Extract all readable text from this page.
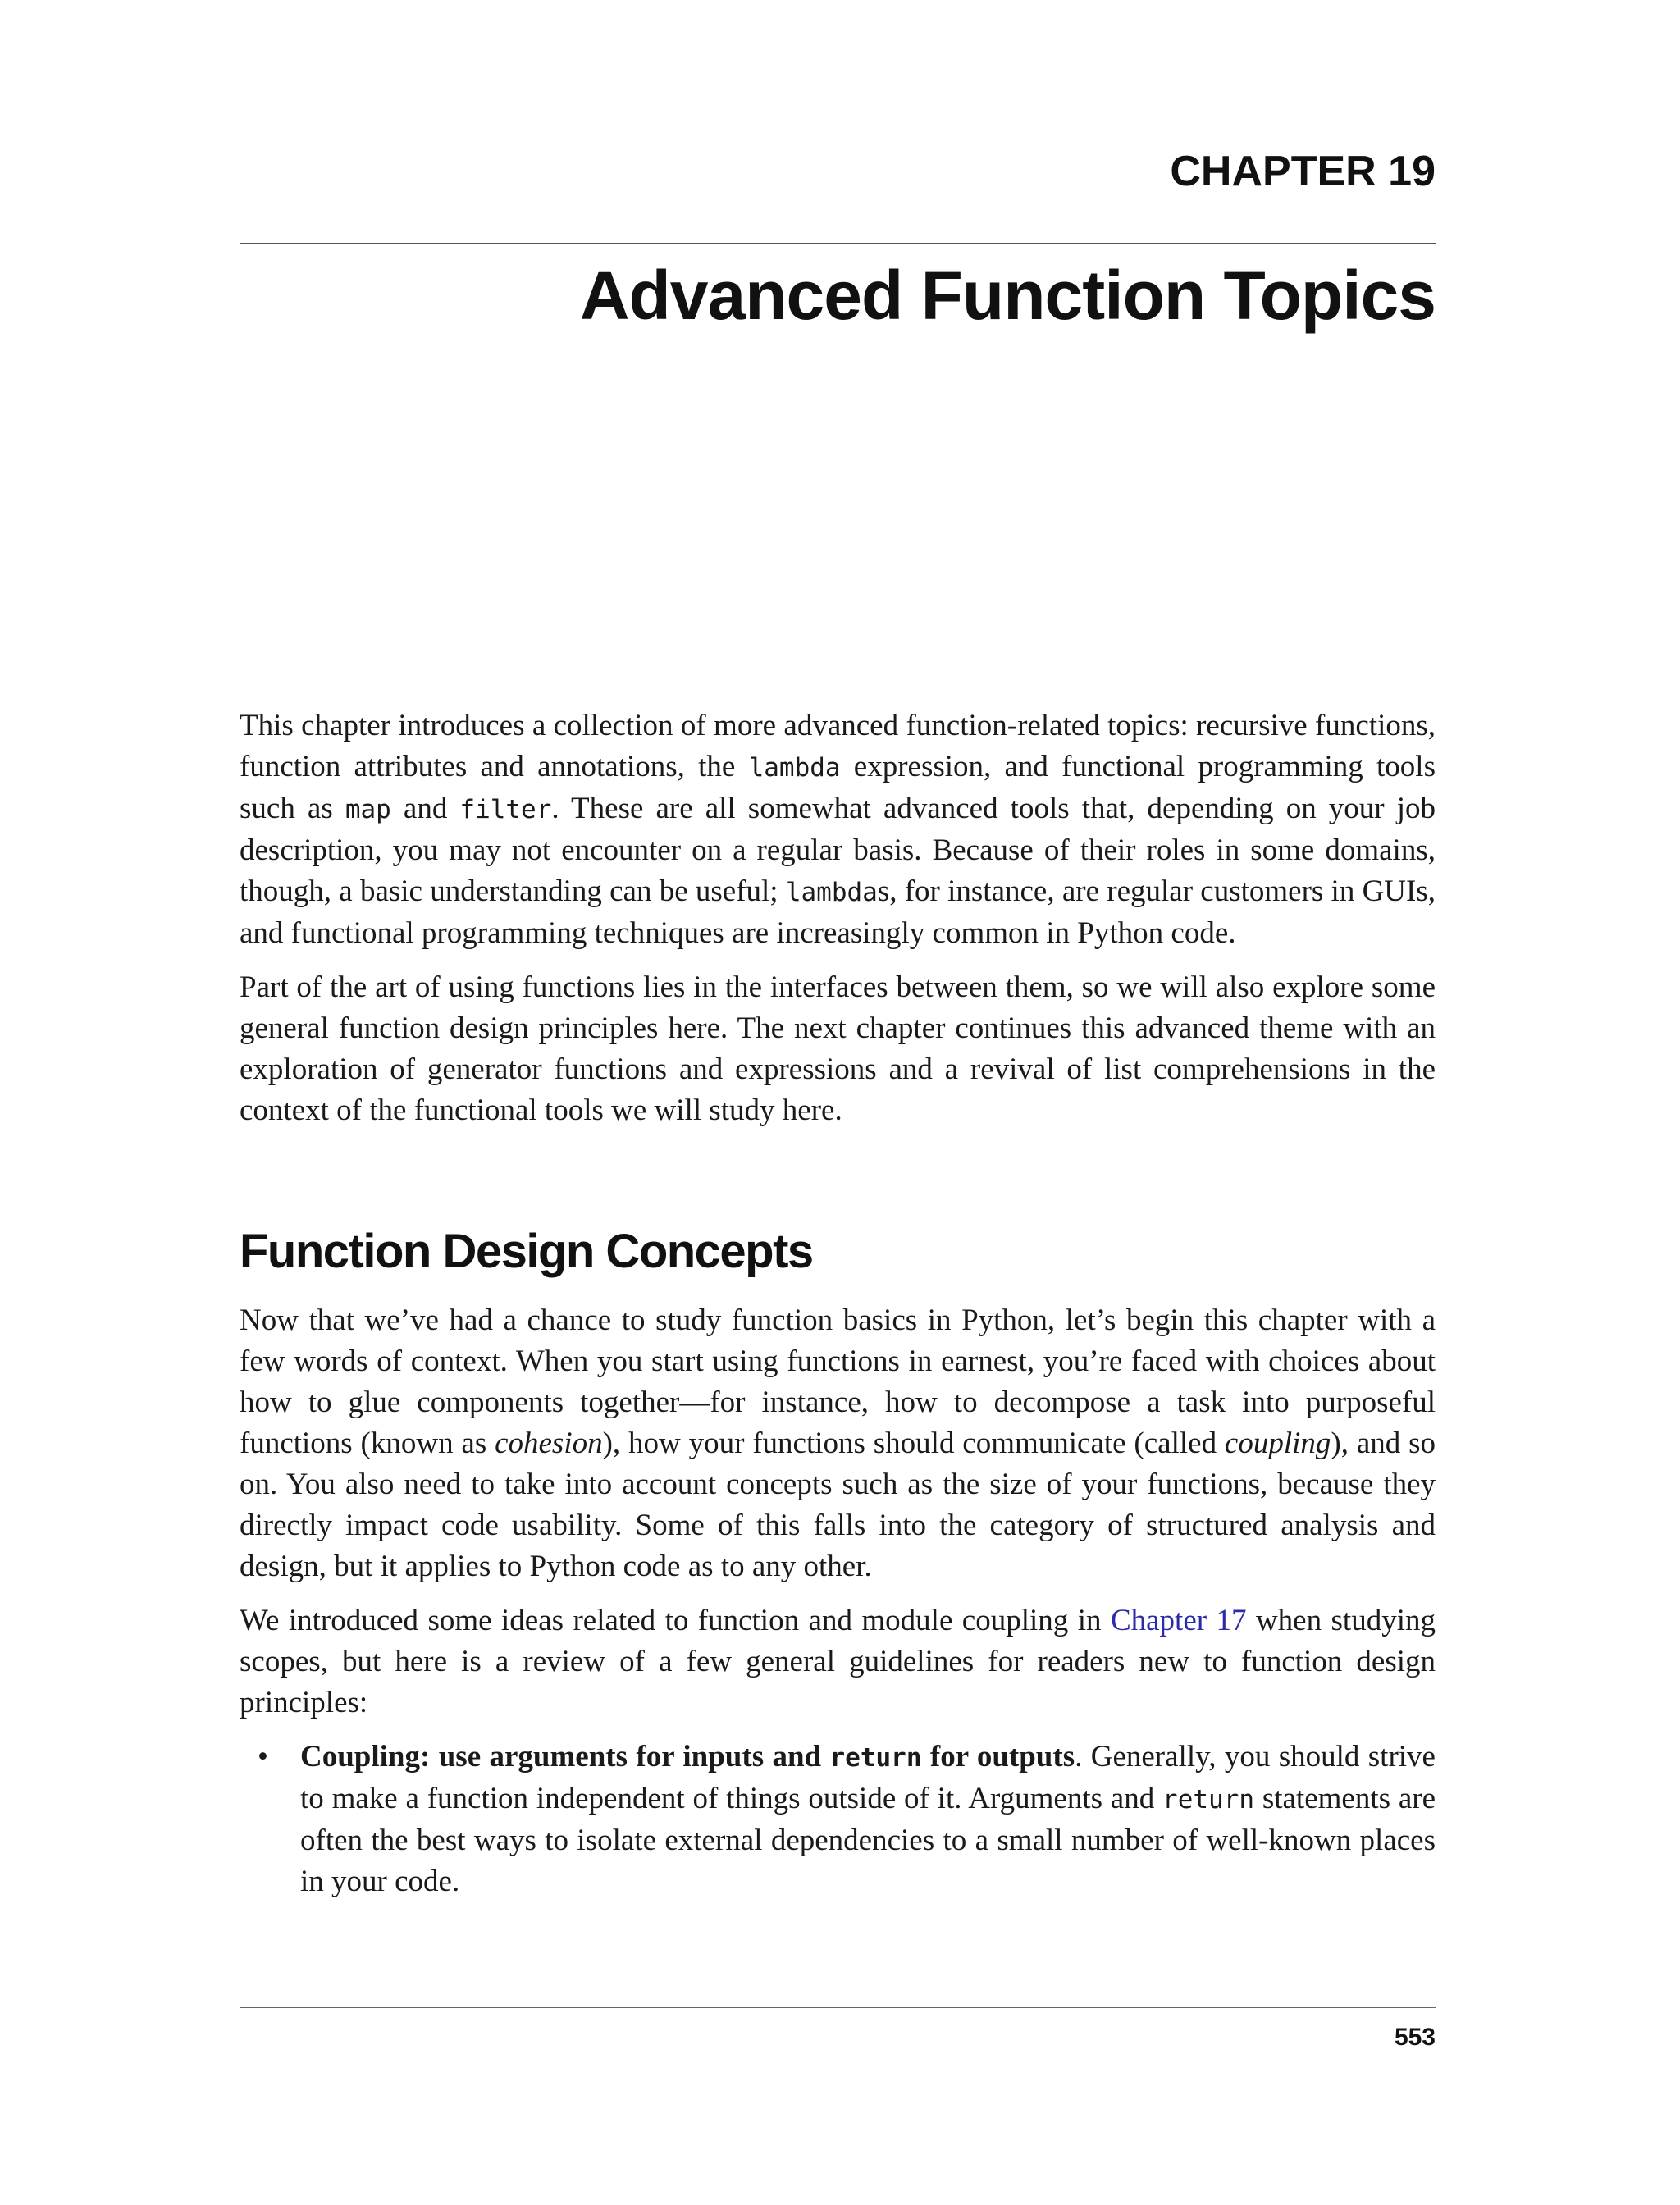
CHAPTER 19
Advanced Function Topics

This chapter introduces a collection of more advanced function-related topics: recursive functions, function attributes and annotations, the lambda expression, and functional programming tools such as map and filter. These are all somewhat advanced tools that, depending on your job description, you may not encounter on a regular basis. Because of their roles in some domains, though, a basic understanding can be useful; lambdas, for instance, are regular customers in GUIs, and functional programming techniques are increasingly common in Python code.

Part of the art of using functions lies in the interfaces between them, so we will also explore some general function design principles here. The next chapter continues this advanced theme with an exploration of generator functions and expressions and a revival of list comprehensions in the context of the functional tools we will study here.

Function Design Concepts

Now that we’ve had a chance to study function basics in Python, let’s begin this chapter with a few words of context. When you start using functions in earnest, you’re faced with choices about how to glue components together—for instance, how to decompose a task into purposeful functions (known as cohesion), how your functions should communicate (called coupling), and so on. You also need to take into account concepts such as the size of your functions, because they directly impact code usability. Some of this falls into the category of structured analysis and design, but it applies to Python code as to any other.

We introduced some ideas related to function and module coupling in Chapter 17 when studying scopes, but here is a review of a few general guidelines for readers new to function design principles:

• Coupling: use arguments for inputs and return for outputs. Generally, you should strive to make a function independent of things outside of it. Arguments and return statements are often the best ways to isolate external dependencies to a small number of well-known places in your code.
553
